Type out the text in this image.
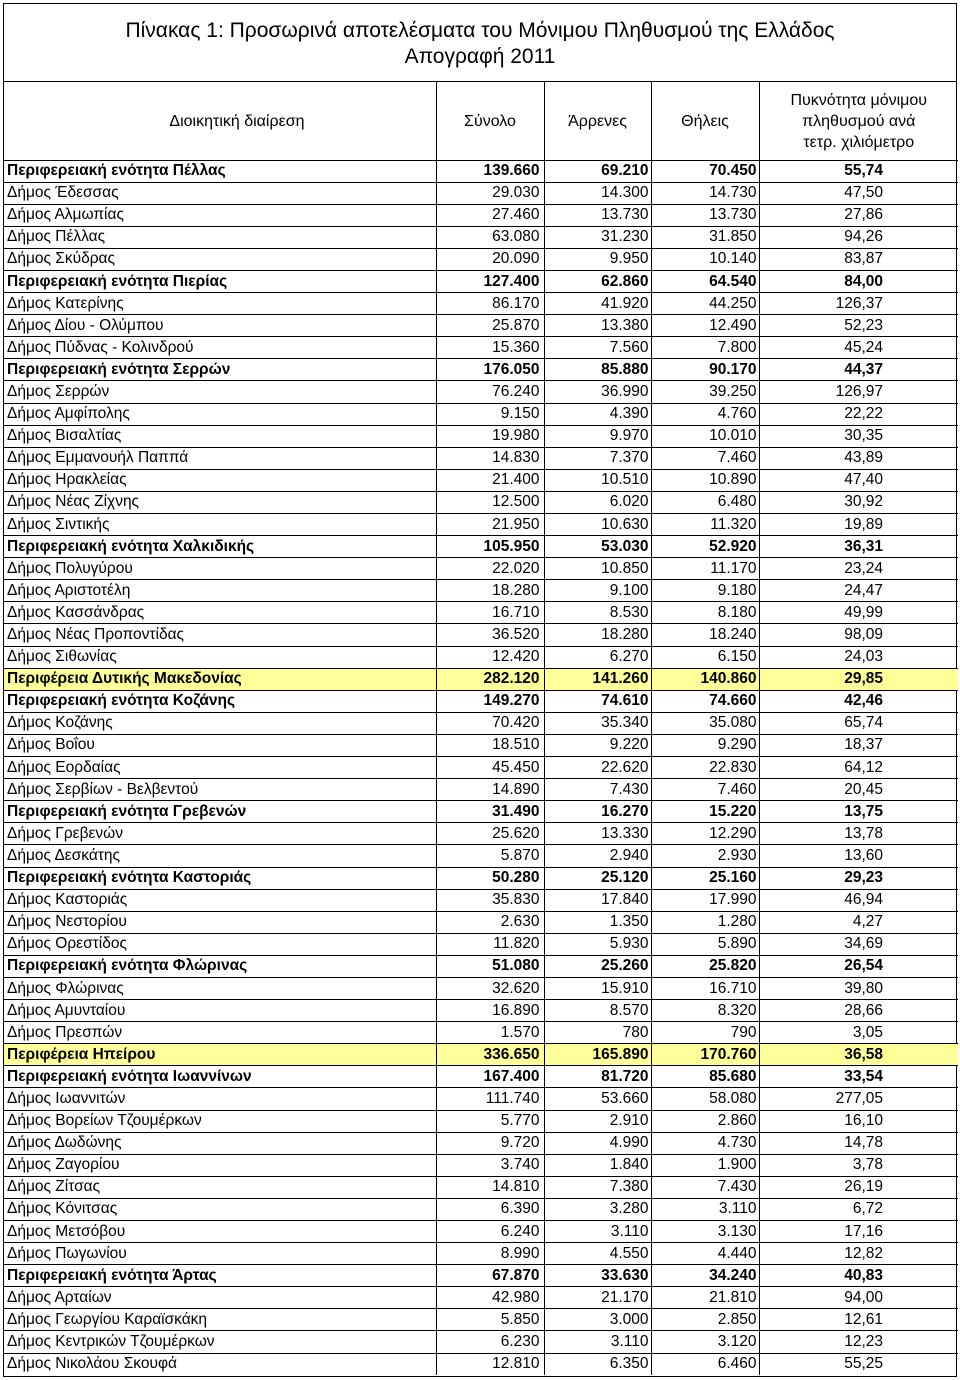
Πίνακας 1: Προσωρινά αποτελέσματα του Μόνιμου Πληθυσμού της Ελλάδος
Απογραφή 2011
Διοικητική διαίρεση	Σύνολο	Άρρενες	Θήλεις	Πυκνότητα μόνιμου
πληθυσμού ανά
τετρ. χιλιόμετρο

Περιφερειακή ενότητα Πέλλας	139.660	69.210	70.450	55,74
Δήμος Έδεσσας	29.030	14.300	14.730	47,50
Δήμος Αλμωπίας	27.460	13.730	13.730	27,86
Δήμος Πέλλας	63.080	31.230	31.850	94,26
Δήμος Σκύδρας	20.090	9.950	10.140	83,87
Περιφερειακή ενότητα Πιερίας	127.400	62.860	64.540	84,00
Δήμος Κατερίνης	86.170	41.920	44.250	126,37
Δήμος Δίου - Ολύμπου	25.870	13.380	12.490	52,23
Δήμος Πύδνας - Κολινδρού	15.360	7.560	7.800	45,24
Περιφερειακή ενότητα Σερρών	176.050	85.880	90.170	44,37
Δήμος Σερρών	76.240	36.990	39.250	126,97
Δήμος Αμφίπολης	9.150	4.390	4.760	22,22
Δήμος Βισαλτίας	19.980	9.970	10.010	30,35
Δήμος Εμμανουήλ Παππά	14.830	7.370	7.460	43,89
Δήμος Ηρακλείας	21.400	10.510	10.890	47,40
Δήμος Νέας Ζίχνης	12.500	6.020	6.480	30,92
Δήμος Σιντικής	21.950	10.630	11.320	19,89
Περιφερειακή ενότητα Χαλκιδικής	105.950	53.030	52.920	36,31
Δήμος Πολυγύρου	22.020	10.850	11.170	23,24
Δήμος Αριστοτέλη	18.280	9.100	9.180	24,47
Δήμος Κασσάνδρας	16.710	8.530	8.180	49,99
Δήμος Νέας Προποντίδας	36.520	18.280	18.240	98,09
Δήμος Σιθωνίας	12.420	6.270	6.150	24,03
Περιφέρεια Δυτικής Μακεδονίας	282.120	141.260	140.860	29,85
Περιφερειακή ενότητα Κοζάνης	149.270	74.610	74.660	42,46
Δήμος Κοζάνης	70.420	35.340	35.080	65,74
Δήμος Βοΐου	18.510	9.220	9.290	18,37
Δήμος Εορδαίας	45.450	22.620	22.830	64,12
Δήμος Σερβίων - Βελβεντού	14.890	7.430	7.460	20,45
Περιφερειακή ενότητα Γρεβενών	31.490	16.270	15.220	13,75
Δήμος Γρεβενών	25.620	13.330	12.290	13,78
Δήμος Δεσκάτης	5.870	2.940	2.930	13,60
Περιφερειακή ενότητα Καστοριάς	50.280	25.120	25.160	29,23
Δήμος Καστοριάς	35.830	17.840	17.990	46,94
Δήμος Νεστορίου	2.630	1.350	1.280	4,27
Δήμος Ορεστίδος	11.820	5.930	5.890	34,69
Περιφερειακή ενότητα Φλώρινας	51.080	25.260	25.820	26,54
Δήμος Φλώρινας	32.620	15.910	16.710	39,80
Δήμος Αμυνταίου	16.890	8.570	8.320	28,66
Δήμος Πρεσπών	1.570	780	790	3,05
Περιφέρεια Ηπείρου	336.650	165.890	170.760	36,58
Περιφερειακή ενότητα Ιωαννίνων	167.400	81.720	85.680	33,54
Δήμος Ιωαννιτών	111.740	53.660	58.080	277,05
Δήμος Βορείων Τζουμέρκων	5.770	2.910	2.860	16,10
Δήμος Δωδώνης	9.720	4.990	4.730	14,78
Δήμος Ζαγορίου	3.740	1.840	1.900	3,78
Δήμος Ζίτσας	14.810	7.380	7.430	26,19
Δήμος Κόνιτσας	6.390	3.280	3.110	6,72
Δήμος Μετσόβου	6.240	3.110	3.130	17,16
Δήμος Πωγωνίου	8.990	4.550	4.440	12,82
Περιφερειακή ενότητα Άρτας	67.870	33.630	34.240	40,83
Δήμος Αρταίων	42.980	21.170	21.810	94,00
Δήμος Γεωργίου Καραϊσκάκη	5.850	3.000	2.850	12,61
Δήμος Κεντρικών Τζουμέρκων	6.230	3.110	3.120	12,23
Δήμος Νικολάου Σκουφά	12.810	6.350	6.460	55,25
